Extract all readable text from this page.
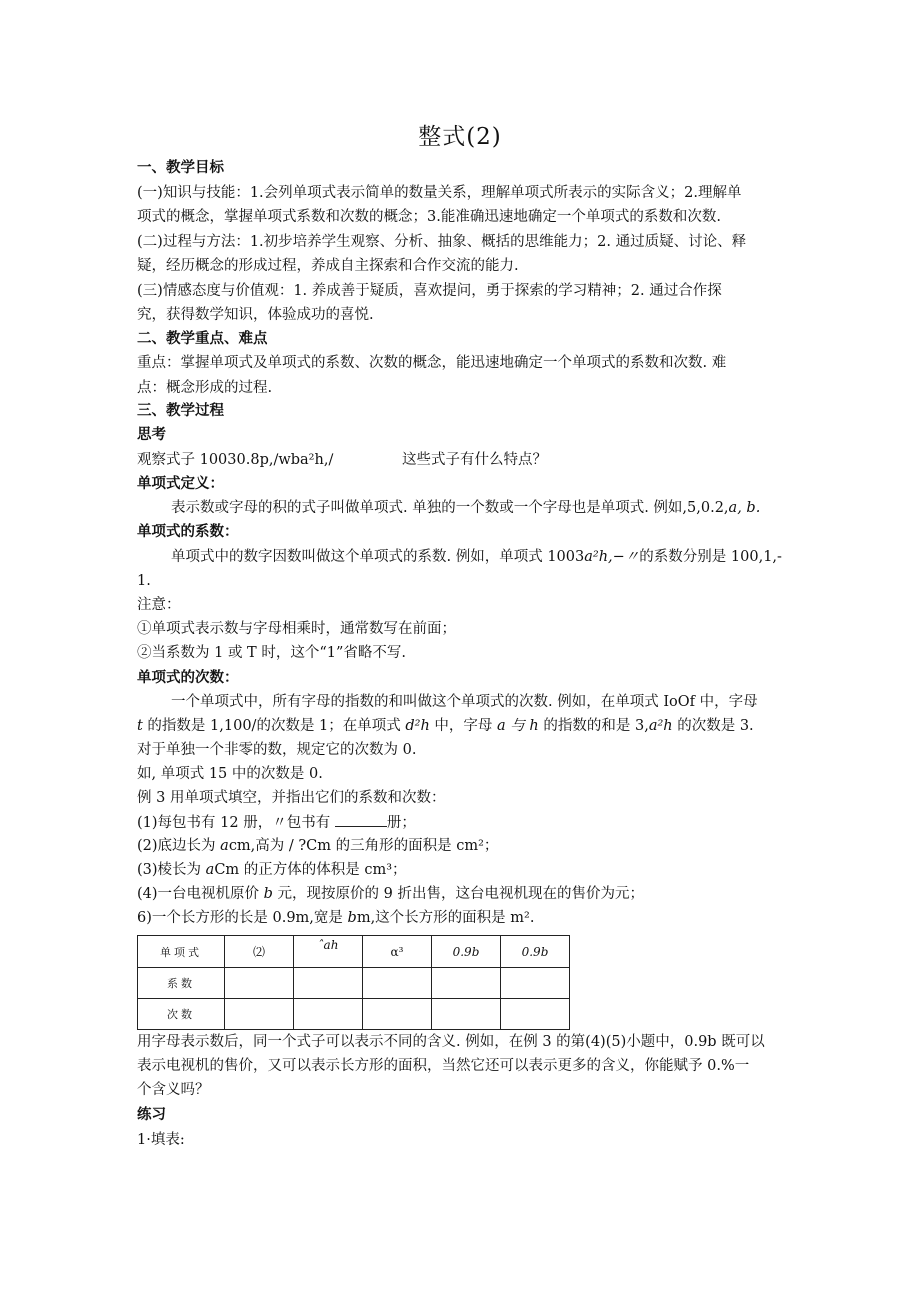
整式(2)
一、教学目标
(一)知识与技能：1.会列单项式表示简单的数量关系，理解单项式所表示的实际含义；2.理解单
项式的概念，掌握单项式系数和次数的概念；3.能准确迅速地确定一个单项式的系数和次数.
(二)过程与方法：1.初步培养学生观察、分析、抽象、概括的思维能力；2. 通过质疑、讨论、释
疑，经历概念的形成过程，养成自主探索和合作交流的能力.
(三)情感态度与价值观：1. 养成善于疑质，喜欢提问，勇于探索的学习精神；2. 通过合作探
究，获得数学知识，体验成功的喜悦.
二、教学重点、难点
重点：掌握单项式及单项式的系数、次数的概念，能迅速地确定一个单项式的系数和次数. 难
点：概念形成的过程.
三、教学过程
思考
观察式子 10030.8p,∕wba²h,∕	这些式子有什么特点？
单项式定义：
表示数或字母的积的式子叫做单项式. 单独的一个数或一个字母也是单项式. 例如,5,0.2,a, b.
单项式的系数：
单项式中的数字因数叫做这个单项式的系数. 例如，单项式 1003a²h,−〃的系数分别是 100,1,-
1.
注意：
①单项式表示数与字母相乘时，通常数写在前面；
②当系数为 1 或 T 时，这个“1”省略不写.
单项式的次数：
一个单项式中，所有字母的指数的和叫做这个单项式的次数. 例如，在单项式 IoOf 中，字母
t 的指数是 1,100/的次数是 1；在单项式 d²h 中，字母 a 与 h 的指数的和是 3,a²h 的次数是 3.
对于单独一个非零的数，规定它的次数为 0.
如, 单项式 15 中的次数是 0.
例 3 用单项式填空，并指出它们的系数和次数：
(1)每包书有 12 册，〃包书有	册；
(2)底边长为 acm,高为 / ?Cm 的三角形的面积是 cm²；
(3)棱长为 aCm 的正方体的体积是 cm³；
(4)一台电视机原价 b 元，现按原价的 9 折出售，这台电视机现在的售价为元；
6)一个长方形的长是 0.9m,宽是 bm,这个长方形的面积是 m².
单项式	⑵	ˆah	α³	0.9b	0.9b
系数					
次数					
用字母表示数后，同一个式子可以表示不同的含义. 例如，在例 3 的第(4)(5)小题中，0.9b 既可以
表示电视机的售价，又可以表示长方形的面积，当然它还可以表示更多的含义，你能赋予 0.%一
个含义吗？
练习
1·填表:
